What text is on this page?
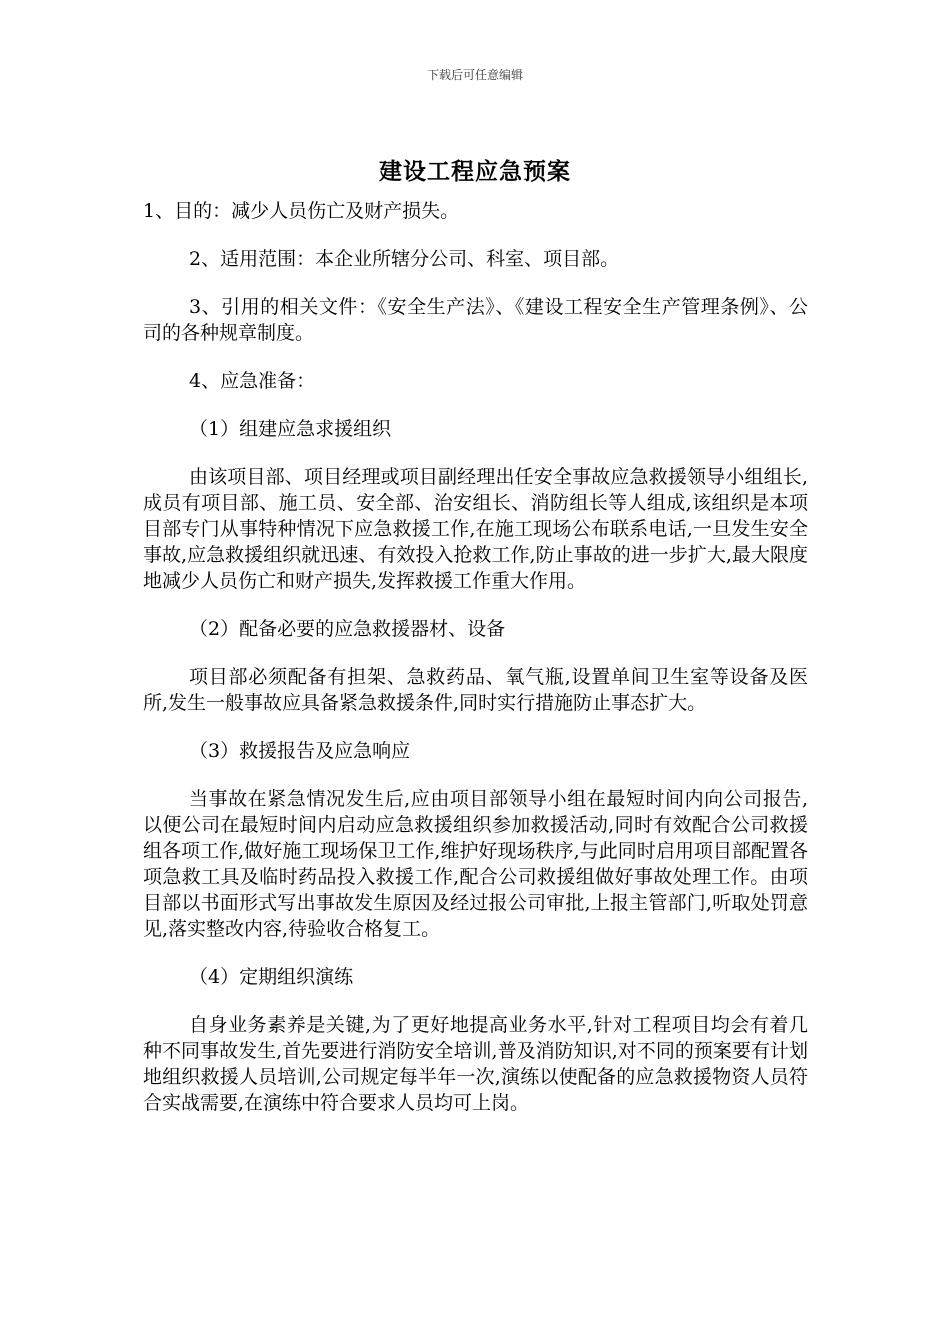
下载后可任意编辑
建设工程应急预案

1、目的：减少人员伤亡及财产损失。

2、适用范围：本企业所辖分公司、科室、项目部。

3、引用的相关文件：《安全生产法》、《建设工程安全生产管理条例》、公司的各种规章制度。

4、应急准备：

（1）组建应急求援组织

由该项目部、项目经理或项目副经理出任安全事故应急救援领导小组组长,成员有项目部、施工员、安全部、治安组长、消防组长等人组成,该组织是本项目部专门从事特种情况下应急救援工作,在施工现场公布联系电话,一旦发生安全事故,应急救援组织就迅速、有效投入抢救工作,防止事故的进一步扩大,最大限度地减少人员伤亡和财产损失,发挥救援工作重大作用。

（2）配备必要的应急救援器材、设备

项目部必须配备有担架、急救药品、氧气瓶,设置单间卫生室等设备及医所,发生一般事故应具备紧急救援条件,同时实行措施防止事态扩大。

（3）救援报告及应急响应

当事故在紧急情况发生后,应由项目部领导小组在最短时间内向公司报告,以便公司在最短时间内启动应急救援组织参加救援活动,同时有效配合公司救援组各项工作,做好施工现场保卫工作,维护好现场秩序,与此同时启用项目部配置各项急救工具及临时药品投入救援工作,配合公司救援组做好事故处理工作。由项目部以书面形式写出事故发生原因及经过报公司审批,上报主管部门,听取处罚意见,落实整改内容,待验收合格复工。

（4）定期组织演练

自身业务素养是关键,为了更好地提高业务水平,针对工程项目均会有着几种不同事故发生,首先要进行消防安全培训,普及消防知识,对不同的预案要有计划地组织救援人员培训,公司规定每半年一次,演练以使配备的应急救援物资人员符合实战需要,在演练中符合要求人员均可上岗。
